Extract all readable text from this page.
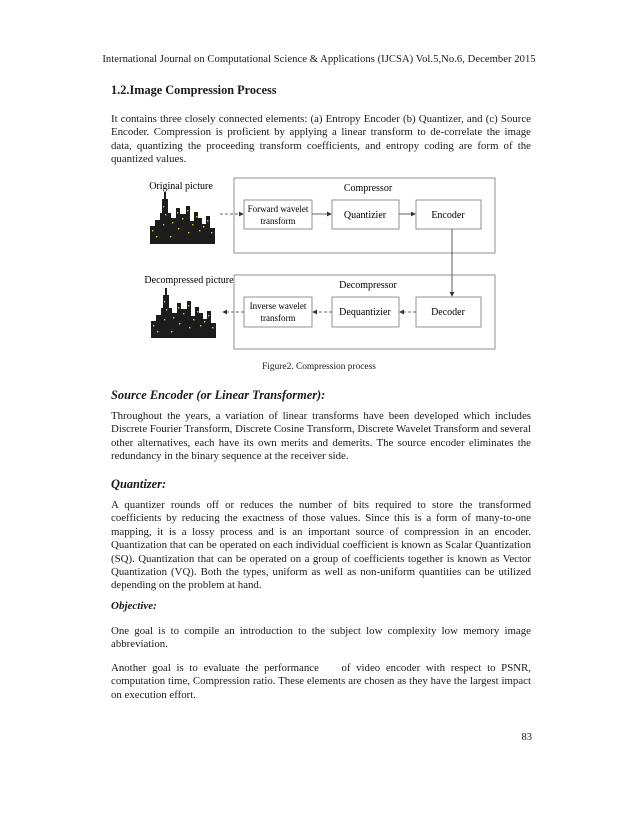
International Journal on Computational Science & Applications (IJCSA) Vol.5,No.6, December 2015

1.2.Image Compression Process

It contains three closely connected elements: (a) Entropy Encoder (b) Quantizer, and (c) Source Encoder. Compression is proficient by applying a linear transform to de-correlate the image data, quantizing the proceeding transform coefficients, and entropy coding are form of the quantized values.

Compressor
Forward wavelet
transform	Quantizier	Encoder
Decompressor
Inverse wavelet
transform	Dequantizier	Decoder
Original picture
Decompressed picture
Figure2. Compression process

Source Encoder (or Linear Transformer):

Throughout the years, a variation of linear transforms have been developed which includes Discrete Fourier Transform, Discrete Cosine Transform, Discrete Wavelet Transform and several other alternatives, each have its own merits and demerits. The source encoder eliminates the redundancy in the binary sequence at the receiver side.

Quantizer:

A quantizer rounds off or reduces the number of bits required to store the transformed coefficients by reducing the exactness of those values. Since this is a form of many-to-one mapping, it is a lossy process and is an important source of compression in an encoder. Quantization that can be operated on each individual coefficient is known as Scalar Quantization (SQ). Quantization that can be operated on a group of coefficients together is known as Vector Quantization (VQ). Both the types, uniform as well as non-uniform quantities can be utilized depending on the problem at hand.

Objective:

One goal is to compile an introduction to the subject low complexity low memory image abbreviation.

Another goal is to evaluate the performance    of video encoder with respect to PSNR, computation time, Compression ratio. These elements are chosen as they have the largest impact on execution effort.

83
